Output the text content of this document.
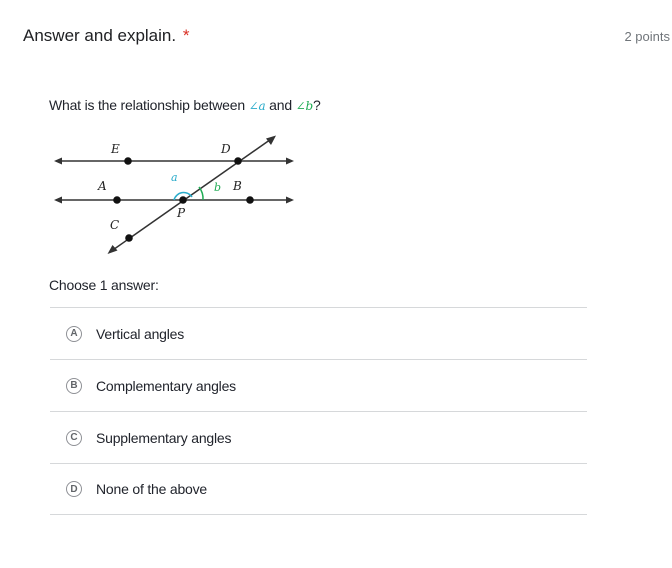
Answer and explain. *	2 points
What is the relationship between ∠a and ∠b?
E	D
A	B
C
P
a
b
Choose 1 answer:
A	Vertical angles
B	Complementary angles
C	Supplementary angles
D	None of the above
